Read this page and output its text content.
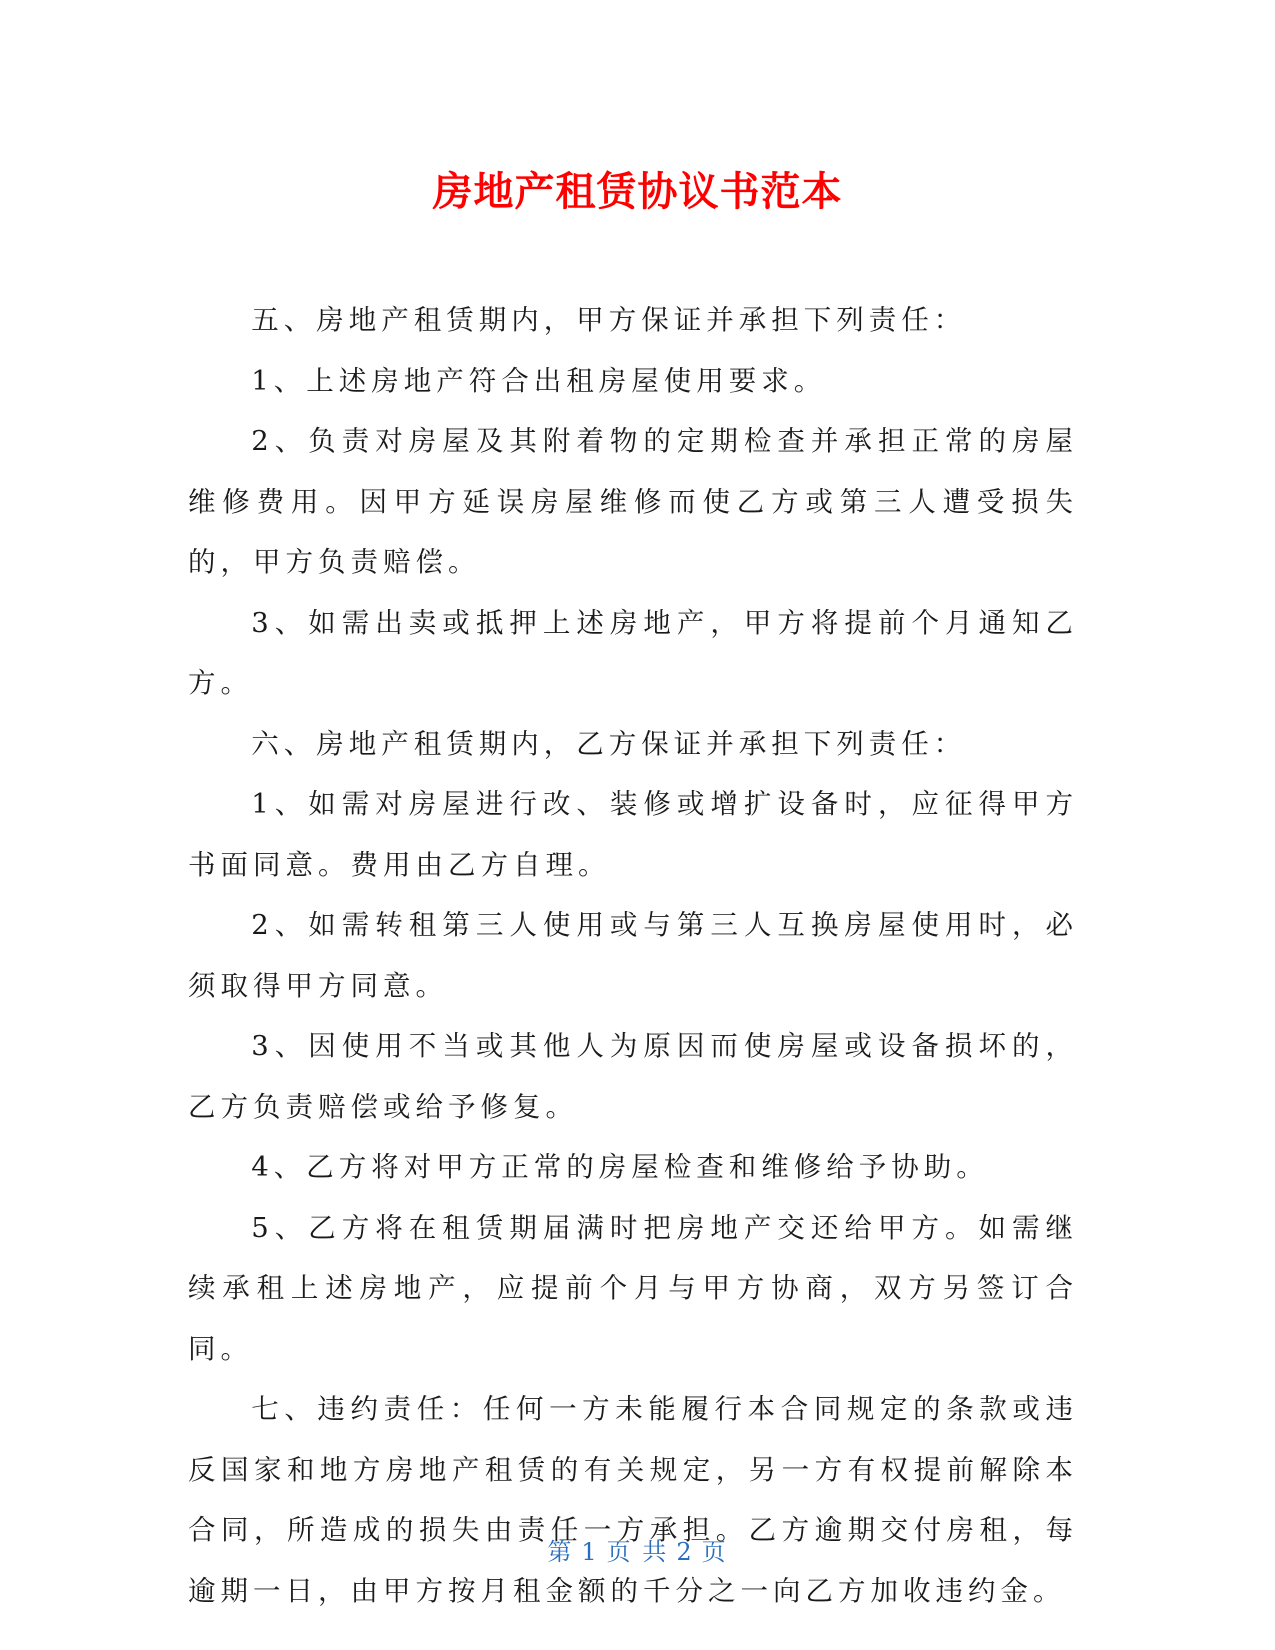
房地产租赁协议书范本

五、房地产租赁期内，甲方保证并承担下列责任：

1、上述房地产符合出租房屋使用要求。

2、负责对房屋及其附着物的定期检查并承担正常的房屋维修费用。因甲方延误房屋维修而使乙方或第三人遭受损失的，甲方负责赔偿。

3、如需出卖或抵押上述房地产，甲方将提前个月通知乙方。

六、房地产租赁期内，乙方保证并承担下列责任：

1、如需对房屋进行改、装修或增扩设备时，应征得甲方书面同意。费用由乙方自理。

2、如需转租第三人使用或与第三人互换房屋使用时，必须取得甲方同意。

3、因使用不当或其他人为原因而使房屋或设备损坏的，乙方负责赔偿或给予修复。

4、乙方将对甲方正常的房屋检查和维修给予协助。

5、乙方将在租赁期届满时把房地产交还给甲方。如需继续承租上述房地产，应提前个月与甲方协商，双方另签订合同。

七、违约责任：任何一方未能履行本合同规定的条款或违反国家和地方房地产租赁的有关规定，另一方有权提前解除本合同，所造成的损失由责任一方承担。乙方逾期交付房租，每逾期一日，由甲方按月租金额的千分之一向乙方加收违约金。

第 1 页 共 2 页
